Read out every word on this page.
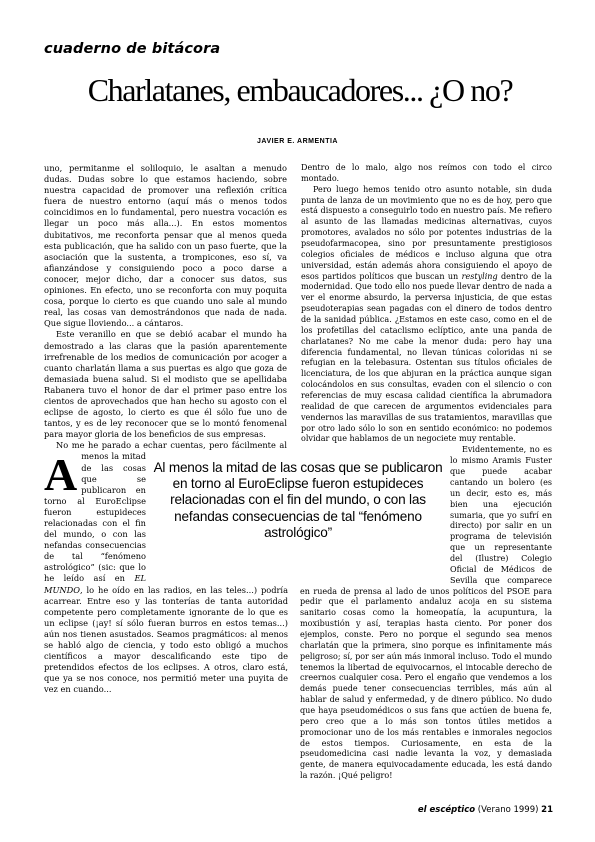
cuaderno de bitácora
Charlatanes, embaucadores... ¿O no?
JAVIER E. ARMENTIA

A
uno, permitanme el soliloquio, le asaltan a menudo dudas. Dudas sobre lo que estamos haciendo, sobre nuestra capacidad de promover una reflexión crítica fuera de nuestro entorno (aquí más o menos todos coincidimos en lo fundamental, pero nuestra vocación es llegar un poco más alla...). En estos momentos dubitativos, me reconforta pensar que al menos queda esta publicación, que ha salido con un paso fuerte, que la asociación que la sustenta, a trompicones, eso sí, va afianzándose y consiguiendo poco a poco darse a conocer, mejor dicho, dar a conocer sus datos, sus opiniones. En efecto, uno se reconforta con muy poquita cosa, porque lo cierto es que cuando uno sale al mundo real, las cosas van demostrándonos que nada de nada. Que sigue lloviendo... a cántaros.

Este veranillo en que se debió acabar el mundo ha demostrado a las claras que la pasión aparentemente irrefrenable de los medios de comunicación por acoger a cuanto charlatán llama a sus puertas es algo que goza de demasiada buena salud. Si el modisto que se apellidaba Rabanera tuvo el honor de dar el primer paso entre los cientos de aprovechados que han hecho su agosto con el eclipse de agosto, lo cierto es que él sólo fue uno de tantos, y es de ley reconocer que se lo montó fenomenal para mayor gloria de los beneficios de sus empresas.

No me he parado a echar cuentas, pero fácilmente al menos la mitad de las cosas que se publicaron en torno al EuroEclipse fueron estupideces relacionadas con el fin del mundo, o con las nefandas consecuencias de tal “fenómeno astrológico” (sic: que lo he leído así en EL MUNDO, lo he oído en las radios, en las teles...) podría acarrear. Entre eso y las tonterías de tanta autoridad competente pero completamente ignorante de lo que es un eclipse (¡ay! sí sólo fueran burros en estos temas...) aún nos tienen asustados. Seamos pragmáticos: al menos se habló algo de ciencia, y todo esto obligó a muchos científicos a mayor descalificando este tipo de pretendidos efectos de los eclipses. A otros, claro está, que ya se nos conoce, nos permitió meter una puyita de vez en cuando...

Dentro de lo malo, algo nos reímos con todo el circo montado.

Pero luego hemos tenido otro asunto notable, sin duda punta de lanza de un movimiento que no es de hoy, pero que está dispuesto a conseguirlo todo en nuestro país. Me refiero al asunto de las llamadas medicinas alternativas, cuyos promotores, avalados no sólo por potentes industrias de la pseudofarmacopea, sino por presuntamente prestigiosos colegios oficiales de médicos e incluso alguna que otra universidad, están además ahora consiguiendo el apoyo de esos partidos políticos que buscan un restyling dentro de la modernidad. Que todo ello nos puede llevar dentro de nada a ver el enorme absurdo, la perversa injusticia, de que estas pseudoterapias sean pagadas con el dinero de todos dentro de la sanidad pública. ¿Estamos en este caso, como en el de los profetillas del cataclismo eclíptico, ante una panda de charlatanes? No me cabe la menor duda: pero hay una diferencia fundamental, no llevan túnicas coloridas ni se refugian en la telebasura. Ostentan sus títulos oficiales de licenciatura, de los que abjuran en la práctica aunque sigan colocándolos en sus consultas, evaden con el silencio o con referencias de muy escasa calidad científica la abrumadora realidad de que carecen de argumentos evidenciales para vendernos las maravillas de sus tratamientos, maravillas que por otro lado sólo lo son en sentido económico: no podemos olvidar que hablamos de un negociete muy rentable.

Evidentemente, no es lo mismo Aramis Fuster que puede acabar cantando un bolero (es un decir, esto es, más bien una ejecución sumaria, que yo sufrí en directo) por salir en un programa de televisión que un representante del (Ilustre) Colegio Oficial de Médicos de Sevilla que comparece en rueda de prensa al lado de unos políticos del PSOE para pedir que el parlamento andaluz acoja en su sistema sanitario cosas como la homeopatía, la acupuntura, la moxibustión y así, terapias hasta ciento. Por poner dos ejemplos, conste. Pero no porque el segundo sea menos charlatán que la primera, sino porque es infinitamente más peligroso; sí, por ser aún más inmoral incluso. Todo el mundo tenemos la libertad de equivocarnos, el intocable derecho de creernos cualquier cosa. Pero el engaño que vendemos a los demás puede tener consecuencias terribles, más aún al hablar de salud y enfermedad, y de dinero público. No dudo que haya pseudomédicos o sus fans que actúen de buena fe, pero creo que a lo más son tontos útiles metidos a promocionar uno de los más rentables e inmorales negocios de estos tiempos. Curiosamente, en esta de la pseudomedicina casi nadie levanta la voz, y demasiada gente, de manera equivocadamente educada, les está dando la razón. ¡Qué peligro!

Al menos la mitad de las cosas que se publicaron en torno al EuroEclipse fueron estupideces relacionadas con el fin del mundo, o con las nefandas consecuencias de tal “fenómeno astrológico”
el escéptico (Verano 1999) 21
